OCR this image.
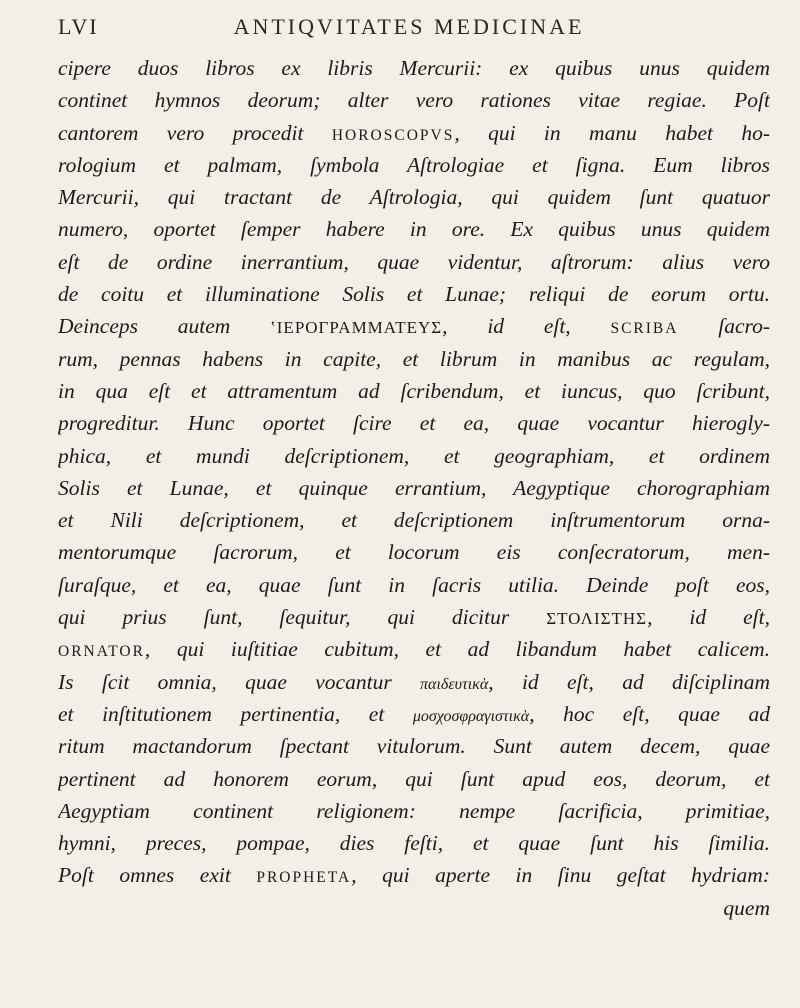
LVI	ANTIQVITATES MEDICINAE
cipere duos libros ex libris Mercurii: ex quibus unus quidem
continet hymnos deorum; alter vero rationes vitae regiae. Poſt
cantorem vero procedit HOROSCOPVS, qui in manu habet ho-
rologium et palmam, ſymbola Aſtrologiae et ſigna. Eum libros
Mercurii, qui tractant de Aſtrologia, qui quidem ſunt quatuor
numero, oportet ſemper habere in ore. Ex quibus unus quidem
eſt de ordine inerrantium, quae videntur, aſtrorum: alius vero
de coitu et illuminatione Solis et Lunae; reliqui de eorum ortu.
Deinceps autem ʽΙΕΡΟΓΡΑΜΜΑΤΕΥΣ, id eſt, SCRIBA ſacro-
rum, pennas habens in capite, et librum in manibus ac regulam,
in qua eſt et attramentum ad ſcribendum, et iuncus, quo ſcribunt,
progreditur. Hunc oportet ſcire et ea, quae vocantur hierogly-
phica, et mundi deſcriptionem, et geographiam, et ordinem
Solis et Lunae, et quinque errantium, Aegyptique chorographiam
et Nili deſcriptionem, et deſcriptionem inſtrumentorum orna-
mentorumque ſacrorum, et locorum eis conſecratorum, men-
ſuraſque, et ea, quae ſunt in ſacris utilia. Deinde poſt eos,
qui prius ſunt, ſequitur, qui dicitur ΣΤΟΛΙΣΤΗΣ, id eſt,
ORNATOR, qui iuſtitiae cubitum, et ad libandum habet calicem.
Is ſcit omnia, quae vocantur παιδευτικὰ, id eſt, ad diſciplinam
et inſtitutionem pertinentia, et μοσχοσφραγιστικὰ, hoc eſt, quae ad
ritum mactandorum ſpectant vitulorum. Sunt autem decem, quae
pertinent ad honorem eorum, qui ſunt apud eos, deorum, et
Aegyptiam continent religionem: nempe ſacrificia, primitiae,
hymni, preces, pompae, dies feſti, et quae ſunt his ſimilia.
Poſt omnes exit PROPHETA, qui aperte in ſinu geſtat hydriam:
quem
